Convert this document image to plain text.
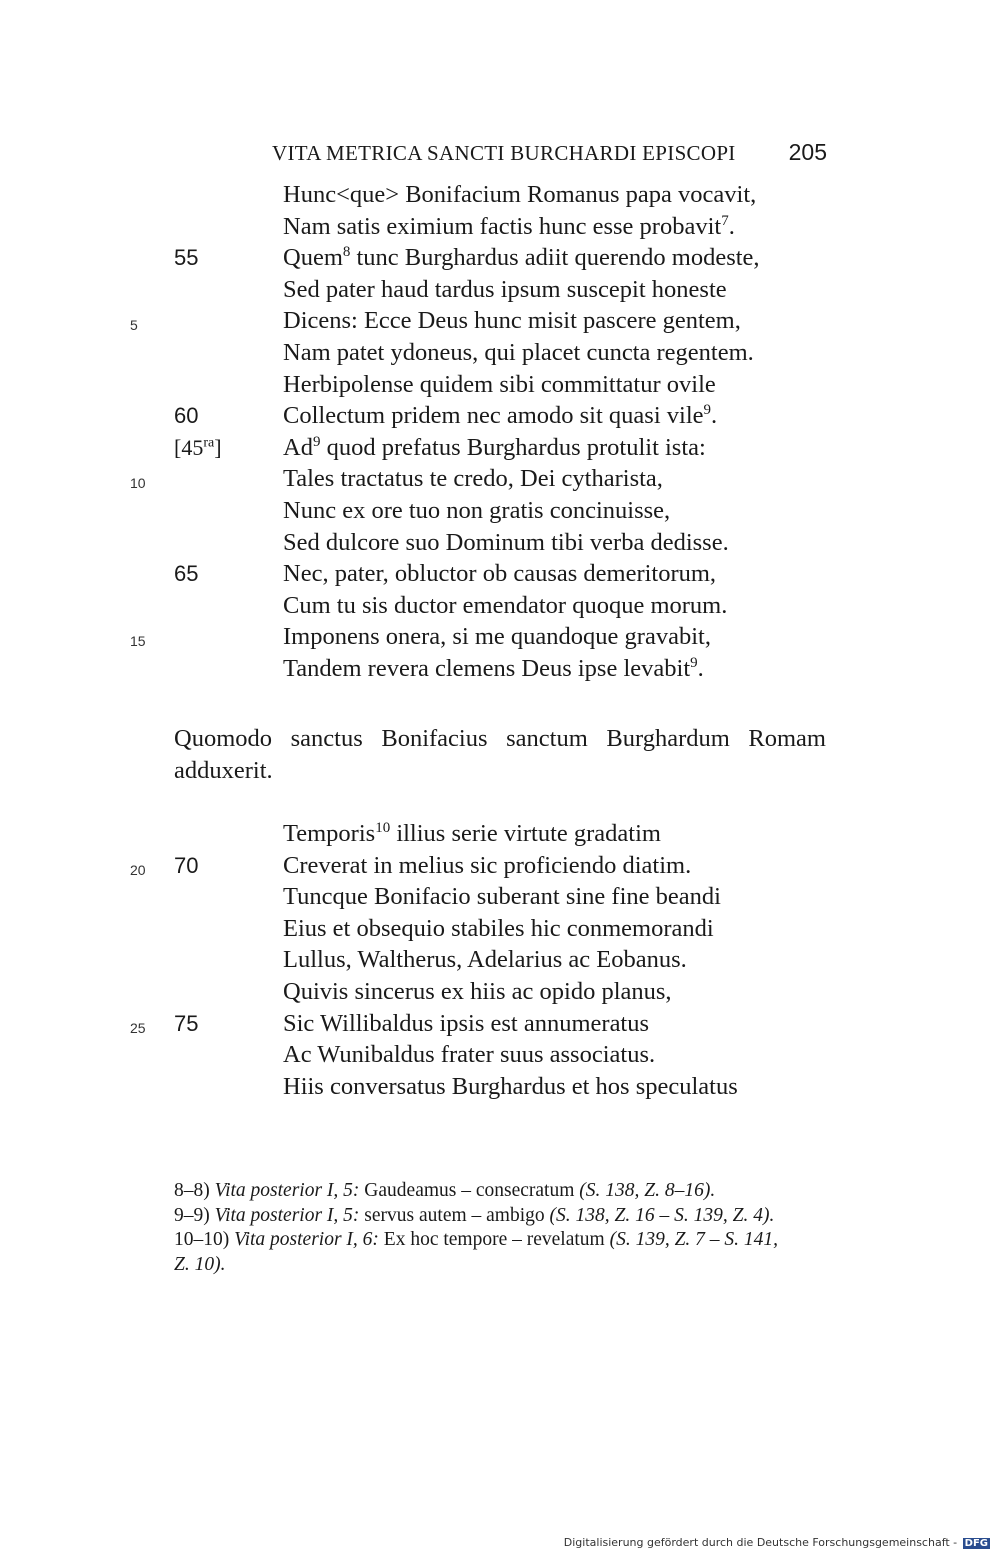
VITA METRICA SANCTI BURCHARDI EPISCOPI 205
Hunc<que> Bonifacium Romanus papa vocavit,
Nam satis eximium factis hunc esse probavit$^7$.
55	Quem$^8$ tunc Burghardus adiit querendo modeste,
Sed pater haud tardus ipsum suscepit honeste
5	Dicens: Ecce Deus hunc misit pascere gentem,
Nam patet ydoneus, qui placet cuncta regentem.
Herbipolense quidem sibi committatur ovile
60	Collectum pridem nec amodo sit quasi vile$^9$.
$[45^{ra}]$	Ad$^9$ quod prefatus Burghardus protulit ista:
10	Tales tractatus te credo, Dei cytharista,
Nunc ex ore tuo non gratis concinuisse,
Sed dulcore suo Dominum tibi verba dedisse.
65	Nec, pater, obluctor ob causas demeritorum,
Cum tu sis ductor emendator quoque morum.
15	Imponens onera, si me quandoque gravabit,
Tandem revera clemens Deus ipse levabit$^9$.
Quomodo sanctus Bonifacius sanctum Burghardum Romam
adduxerit.
Temporis$^{10}$ illius serie virtute gradatim
20 70	Creverat in melius sic proficiendo diatim.
Tuncque Bonifacio suberant sine fine beandi
Eius et obsequio stabiles hic conmemorandi
Lullus, Waltherus, Adelarius ac Eobanus.
Quivis sincerus ex hiis ac opido planus,
25 75	Sic Willibaldus ipsis est annumeratus
Ac Wunibaldus frater suus associatus.
Hiis conversatus Burghardus et hos speculatus
8–8) Vita posterior I, 5: Gaudeamus – consecratum (S. 138, Z. 8–16).
9–9) Vita posterior I, 5: servus autem – ambigo (S. 138, Z. 16 – S. 139, Z. 4).
10–10) Vita posterior I, 6: Ex hoc tempore – revelatum (S. 139, Z. 7 – S. 141,
Z. 10).
Digitalisierung gefördert durch die Deutsche Forschungsgemeinschaft - DFG
